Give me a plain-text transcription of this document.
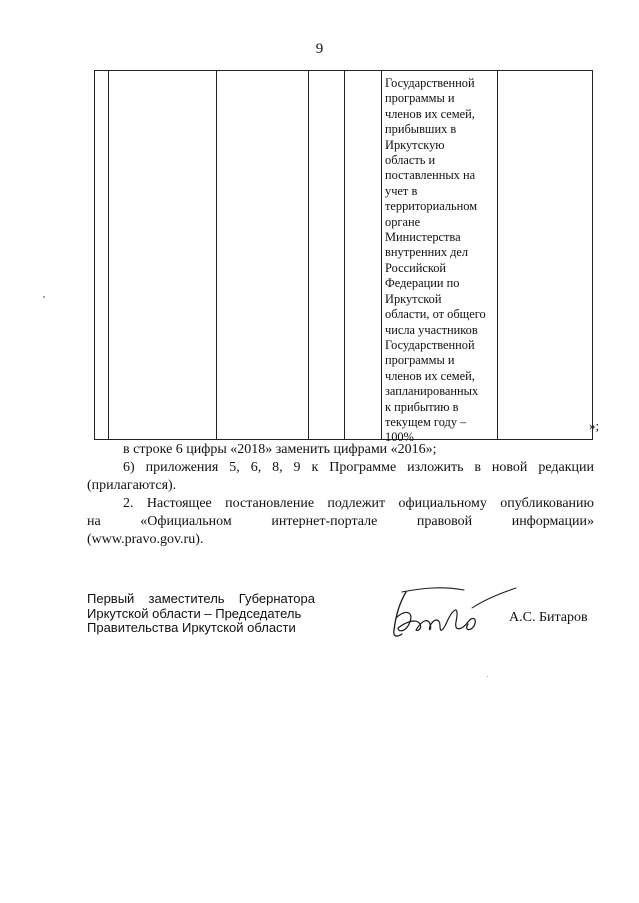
9
Государственной
программы и
членов их семей,
прибывших в
Иркутскую
область и
поставленных на
учет в
территориальном
органе
Министерства
внутренних дел
Российской
Федерации по
Иркутской
области, от общего
числа участников
Государственной
программы и
членов их семей,
запланированных
к прибытию в
текущем году –
100%
»;
в строке 6 цифры «2018» заменить цифрами «2016»;
6) приложения 5, 6, 8, 9 к Программе изложить в новой редакции
(прилагаются).
2. Настоящее постановление подлежит официальному опубликованию
на «Официальном интернет-портале правовой информации»
(www.pravo.gov.ru).
Первый заместитель Губернатора
Иркутской области – Председатель
Правительства Иркутской области
А.С. Битаров
